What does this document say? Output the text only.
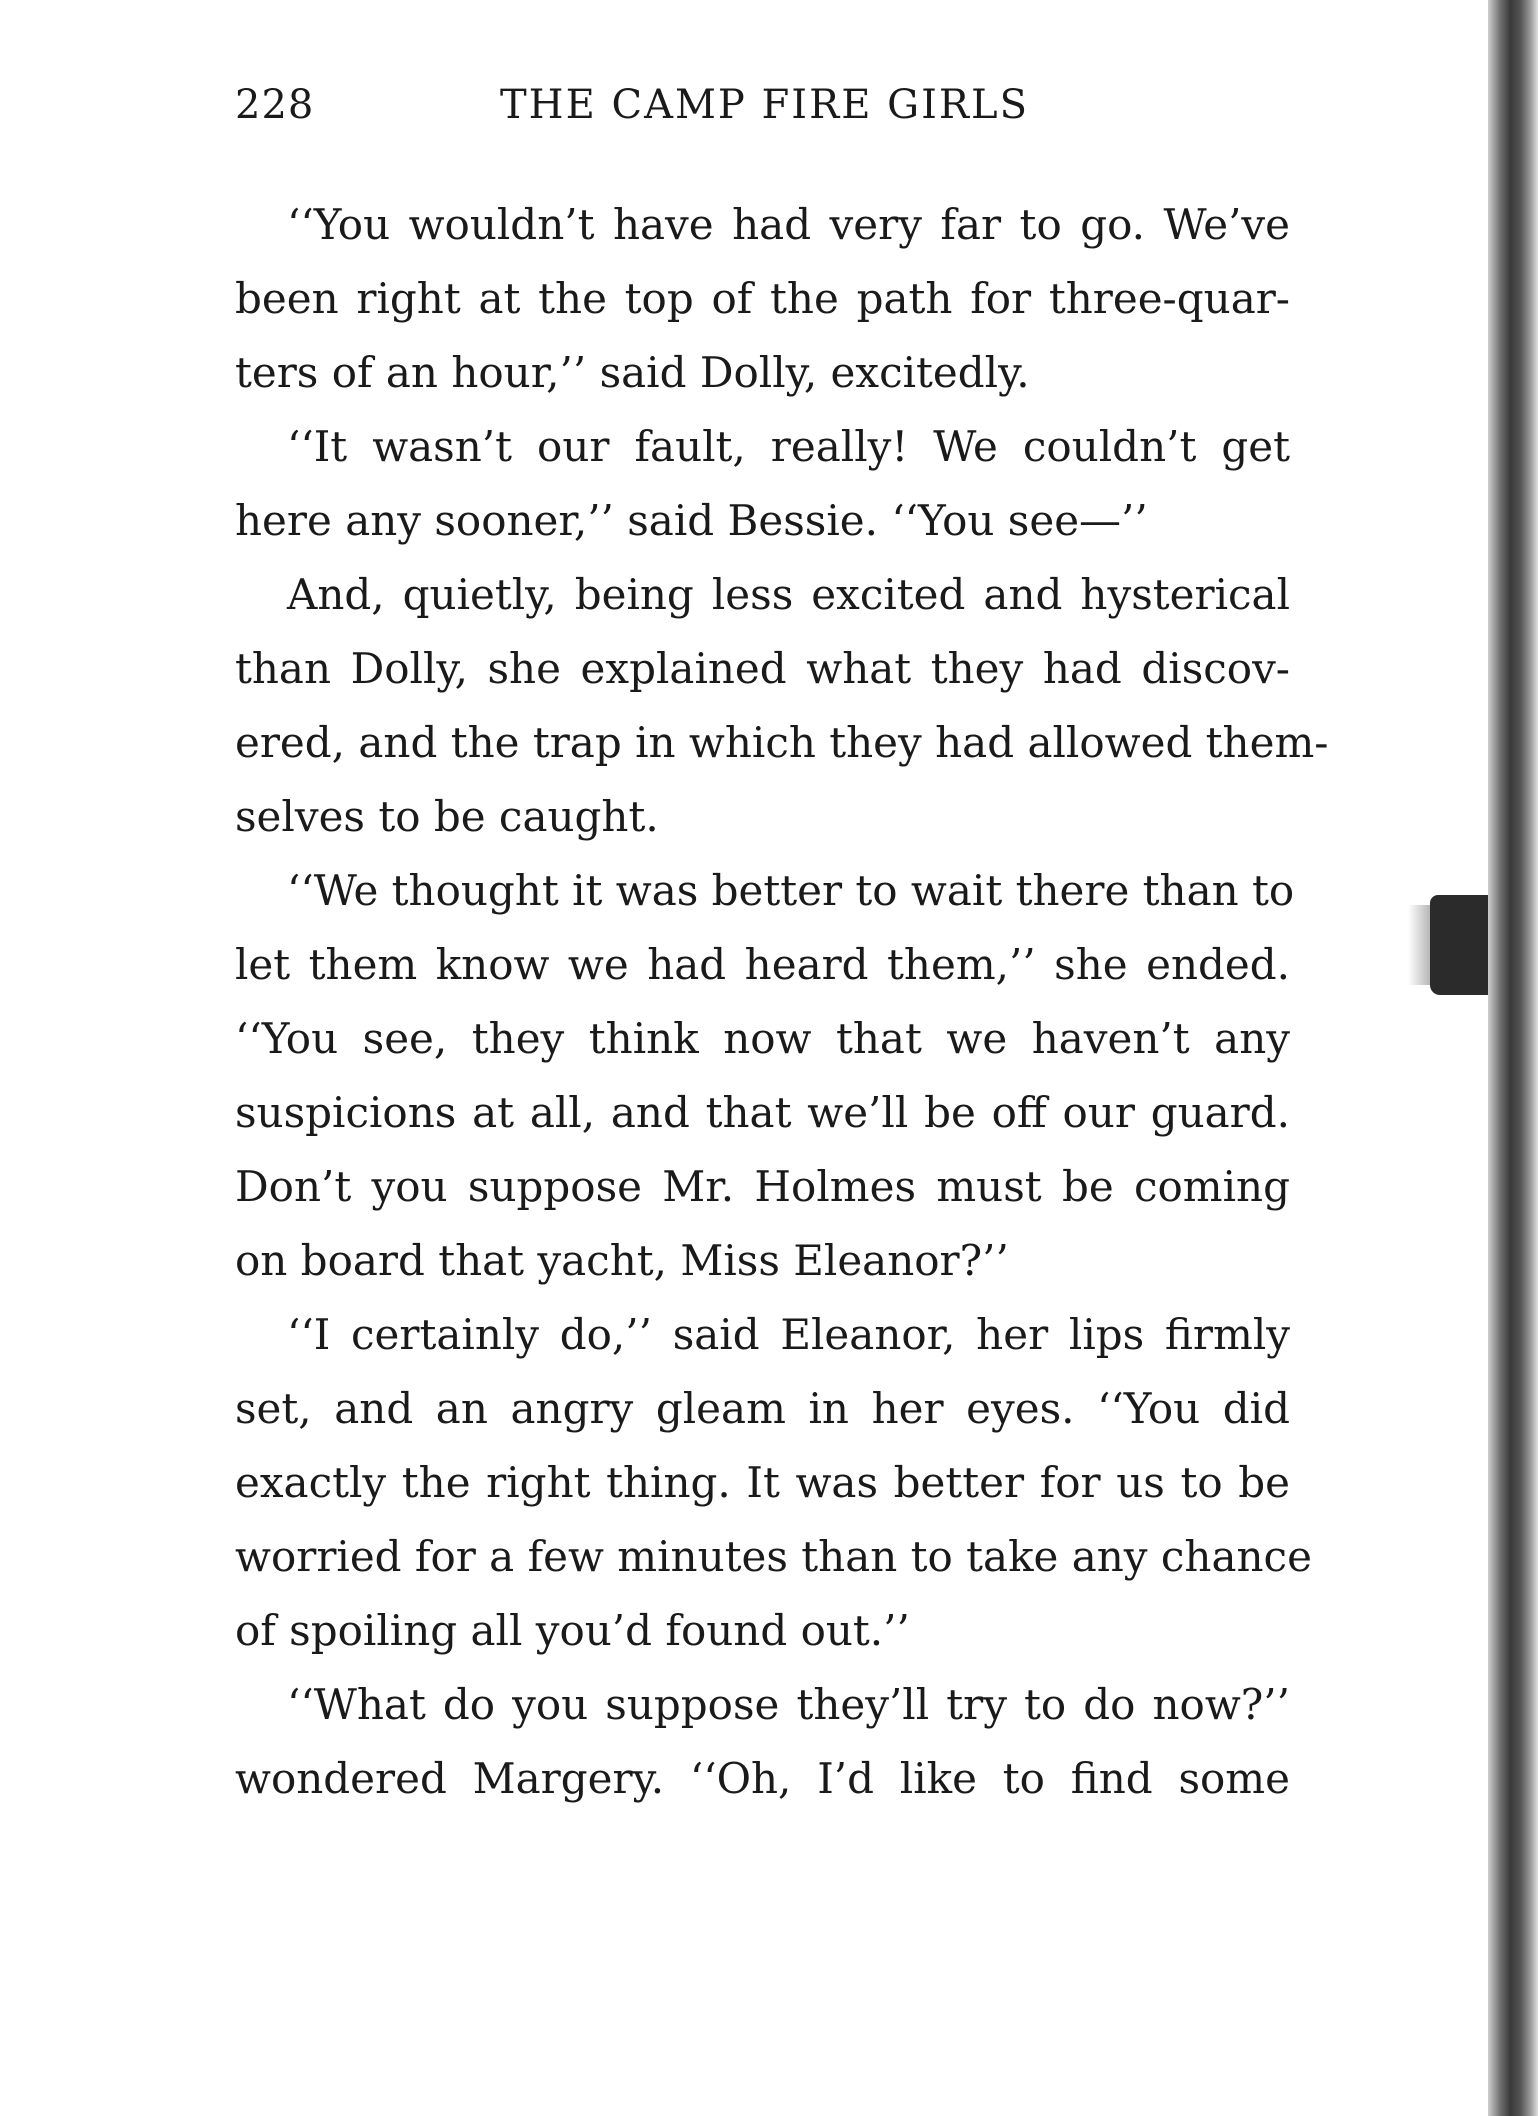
228	THE CAMP FIRE GIRLS
‘‘You wouldn’t have had very far to go. We’ve
been right at the top of the path for three-quar-
ters of an hour,’’ said Dolly, excitedly.
‘‘It wasn’t our fault, really! We couldn’t get
here any sooner,’’ said Bessie. ‘‘You see—’’
And, quietly, being less excited and hysterical
than Dolly, she explained what they had discov-
ered, and the trap in which they had allowed them-
selves to be caught.
‘‘We thought it was better to wait there than to
let them know we had heard them,’’ she ended.
‘‘You see, they think now that we haven’t any
suspicions at all, and that we’ll be off our guard.
Don’t you suppose Mr. Holmes must be coming
on board that yacht, Miss Eleanor?’’
‘‘I certainly do,’’ said Eleanor, her lips firmly
set, and an angry gleam in her eyes. ‘‘You did
exactly the right thing. It was better for us to be
worried for a few minutes than to take any chance
of spoiling all you’d found out.’’
‘‘What do you suppose they’ll try to do now?’’
wondered Margery. ‘‘Oh, I’d like to find some
